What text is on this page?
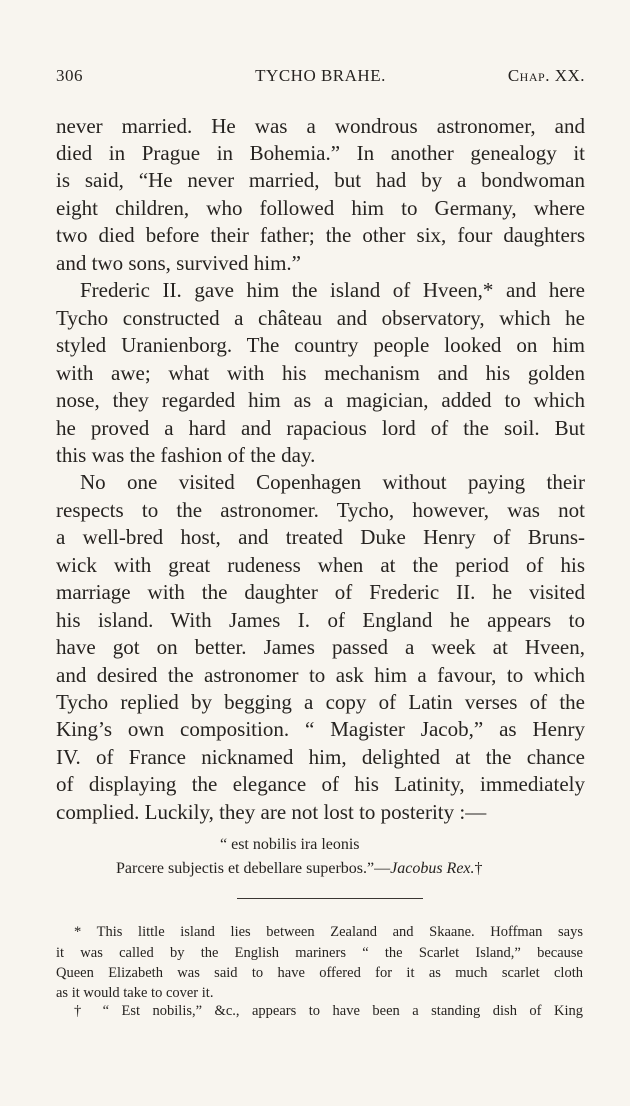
306	TYCHO BRAHE.	Chap. XX.
never married. He was a wondrous astronomer, and
died in Prague in Bohemia.” In another genealogy it
is said, “He never married, but had by a bondwoman
eight children, who followed him to Germany, where
two died before their father; the other six, four daughters
and two sons, survived him.”
Frederic II. gave him the island of Hveen,* and here
Tycho constructed a château and observatory, which he
styled Uranienborg. The country people looked on him
with awe; what with his mechanism and his golden
nose, they regarded him as a magician, added to which
he proved a hard and rapacious lord of the soil. But
this was the fashion of the day.
No one visited Copenhagen without paying their
respects to the astronomer. Tycho, however, was not
a well-bred host, and treated Duke Henry of Bruns-
wick with great rudeness when at the period of his
marriage with the daughter of Frederic II. he visited
his island. With James I. of England he appears to
have got on better. James passed a week at Hveen,
and desired the astronomer to ask him a favour, to which
Tycho replied by begging a copy of Latin verses of the
King’s own composition. “ Magister Jacob,” as Henry
IV. of France nicknamed him, delighted at the chance
of displaying the elegance of his Latinity, immediately
complied. Luckily, they are not lost to posterity :—
“ est nobilis ira leonis
Parcere subjectis et debellare superbos.”—Jacobus Rex.†
* This little island lies between Zealand and Skaane. Hoffman says
it was called by the English mariners “ the Scarlet Island,” because
Queen Elizabeth was said to have offered for it as much scarlet cloth
as it would take to cover it.
† “ Est nobilis,” &c., appears to have been a standing dish of King
